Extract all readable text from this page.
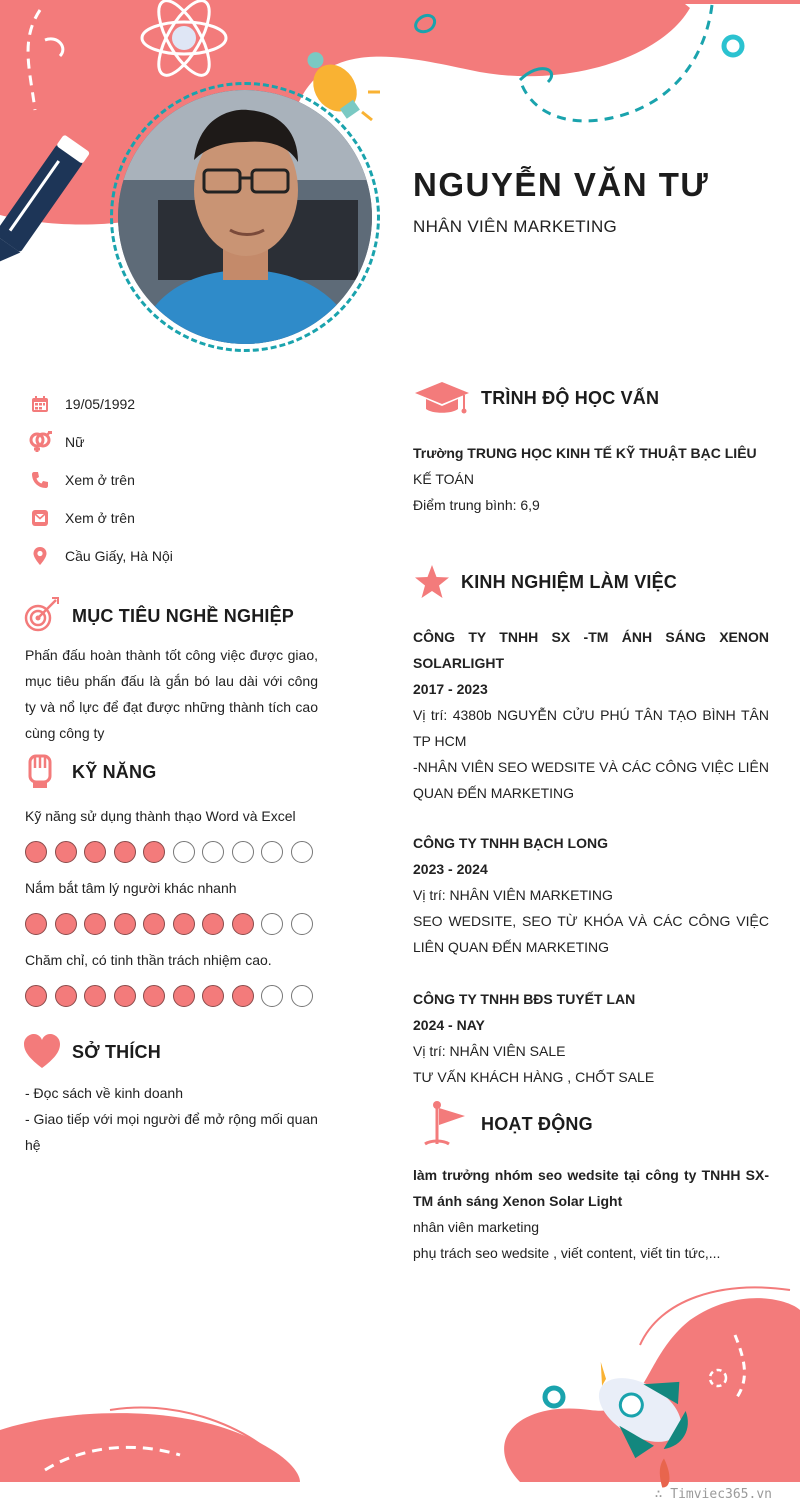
NGUYỄN VĂN TƯ
NHÂN VIÊN MARKETING
19/05/1992
Nữ
Xem ở trên
Xem ở trên
Cầu Giấy, Hà Nội
MỤC TIÊU NGHỀ NGHIỆP
Phấn đấu hoàn thành tốt công việc được giao, mục tiêu phấn đấu là gắn bó lau dài với công ty và nổ lực để đạt được những thành tích cao cùng công ty
KỸ NĂNG
Kỹ năng sử dụng thành thạo Word và Excel
Nắm bắt tâm lý người khác nhanh
Chăm chỉ, có tinh thần trách nhiệm cao.
SỞ THÍCH
- Đọc sách về kinh doanh
- Giao tiếp với mọi người để mở rộng mối quan hệ
TRÌNH ĐỘ HỌC VẤN
Trường TRUNG HỌC KINH TẾ KỸ THUẬT BẠC LIÊU
KẾ TOÁN
Điểm trung bình: 6,9
KINH NGHIỆM LÀM VIỆC
CÔNG TY TNHH SX -TM ÁNH SÁNG XENON SOLARLIGHT
2017 - 2023
Vị trí: 4380b NGUYỄN CỬU PHÚ TÂN TẠO BÌNH TÂN TP HCM
-NHÂN VIÊN SEO WEDSITE VÀ CÁC CÔNG VIỆC LIÊN QUAN ĐẾN MARKETING
CÔNG TY TNHH BẠCH LONG
2023 - 2024
Vị trí: NHÂN VIÊN MARKETING
SEO WEDSITE, SEO TỪ KHÓA VÀ CÁC CÔNG VIỆC LIÊN QUAN ĐẾN MARKETING
CÔNG TY TNHH BĐS TUYẾT LAN
2024 - NAY
Vị trí: NHÂN VIÊN SALE
TƯ VẤN KHÁCH HÀNG , CHỐT SALE
HOẠT ĐỘNG
làm trưởng nhóm seo wedsite tại công ty TNHH SX-TM ánh sáng Xenon Solar Light
nhân viên marketing
phụ trách seo wedsite , viết content, viết tin tức,...
∴ Timviec365.vn
